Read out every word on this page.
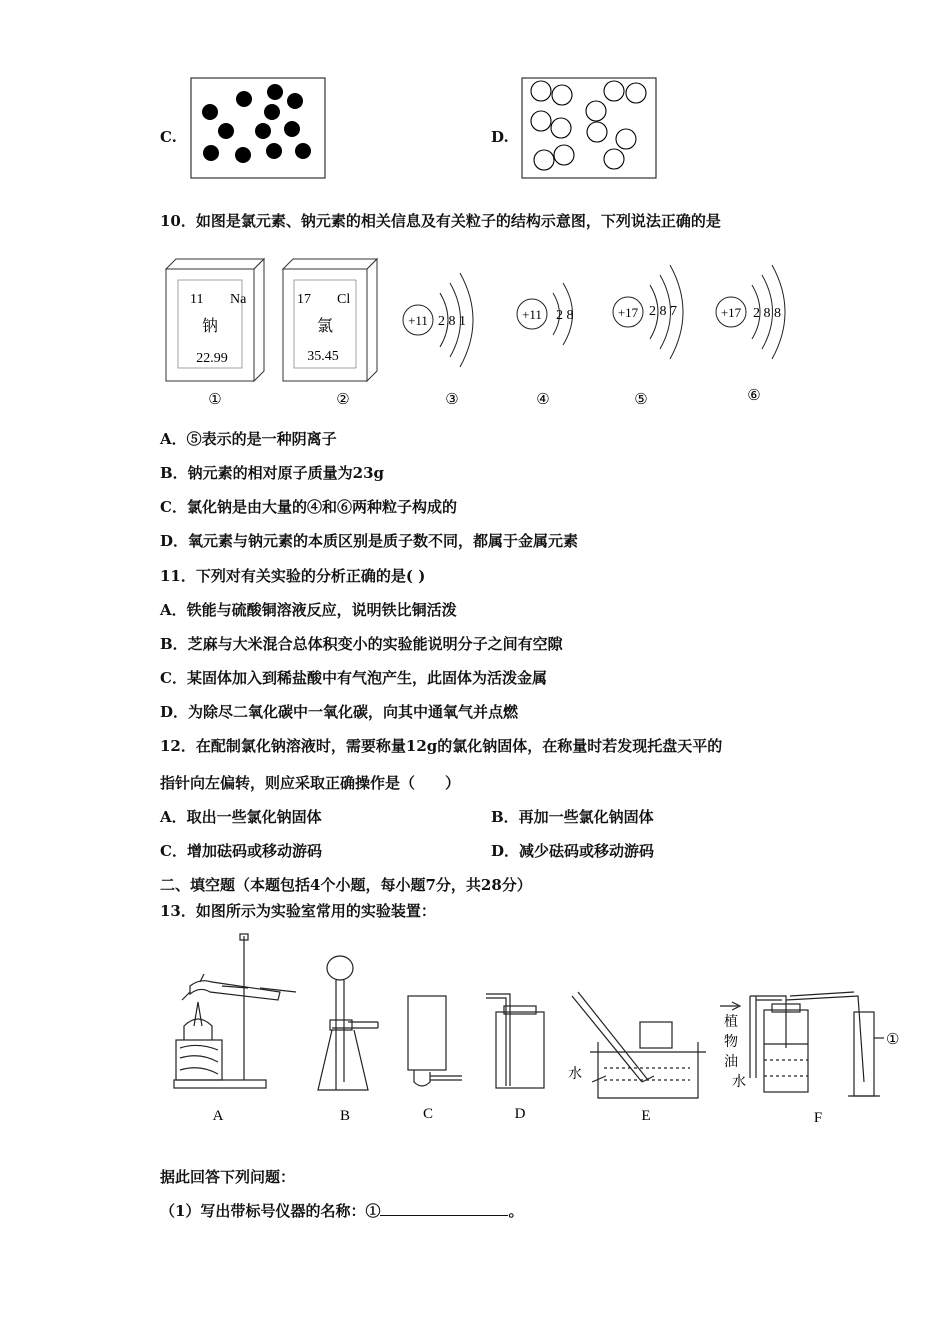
C.	D.
10．如图是氯元素、钠元素的相关信息及有关粒子的结构示意图，下列说法正确的是
11 Na
钠
22.99
17 Cl
氯
35.45
+11 2 8 1	+11 2 8	+17 2 8 7	+17 2 8 8
①	②	③	④	⑤	⑥
A．⑤表示的是一种阴离子
B．钠元素的相对原子质量为23g
C．氯化钠是由大量的④和⑥两种粒子构成的
D．氧元素与钠元素的本质区别是质子数不同，都属于金属元素
11．下列对有关实验的分析正确的是( )
A．铁能与硫酸铜溶液反应，说明铁比铜活泼
B．芝麻与大米混合总体积变小的实验能说明分子之间有空隙
C．某固体加入到稀盐酸中有气泡产生，此固体为活泼金属
D．为除尽二氧化碳中一氧化碳，向其中通氧气并点燃
12．在配制氯化钠溶液时，需要称量12g的氯化钠固体，在称量时若发现托盘天平的
指针向左偏转，则应采取正确操作是（　　）
A．取出一些氯化钠固体	B．再加一些氯化钠固体
C．增加砝码或移动游码	D．减少砝码或移动游码
二、填空题（本题包括4个小题，每小题7分，共28分）
13．如图所示为实验室常用的实验装置：
水
水
植
物
油
①
A	B	C	D	E	F
据此回答下列问题：
（1）写出带标号仪器的名称：①	。
